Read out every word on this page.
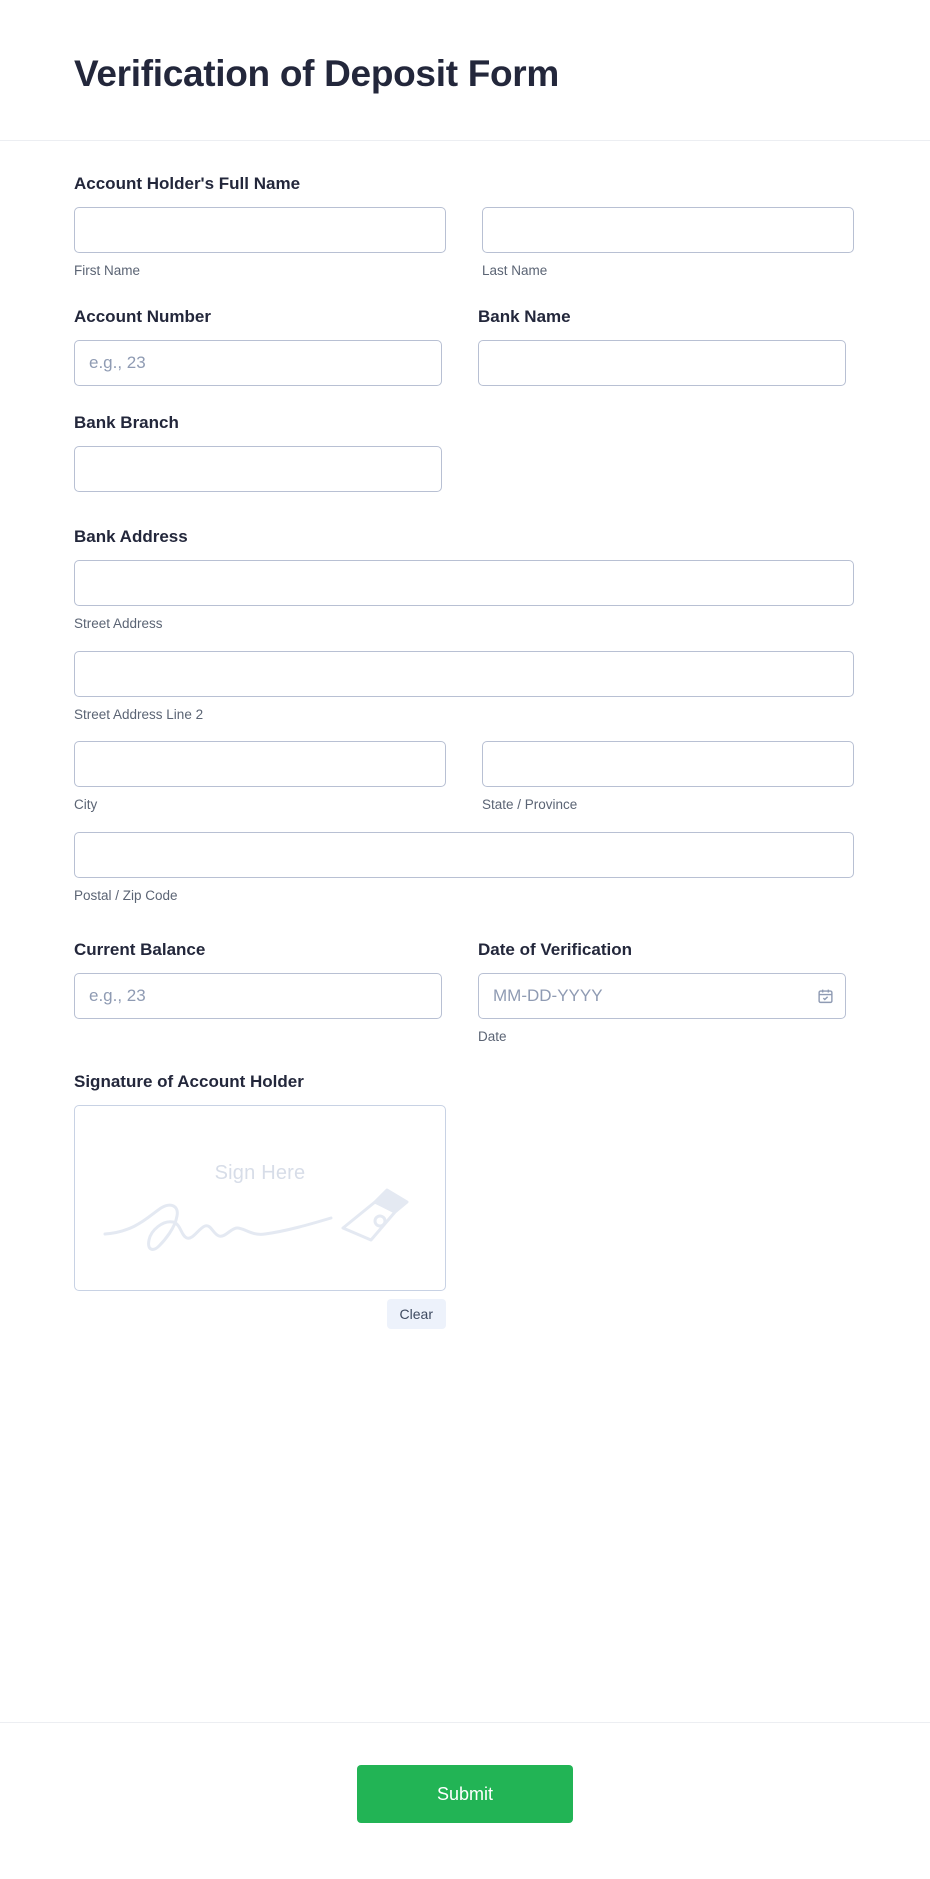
Verification of Deposit Form
Account Holder's Full Name
First Name	Last Name
Account Number
e.g., 23	Bank Name
Bank Branch
Bank Address
Street Address
Street Address Line 2
City	State / Province
Postal / Zip Code
Current Balance
e.g., 23	Date of Verification
MM-DD-YYYY
Date
Signature of Account Holder
Sign Here
Clear
Submit
